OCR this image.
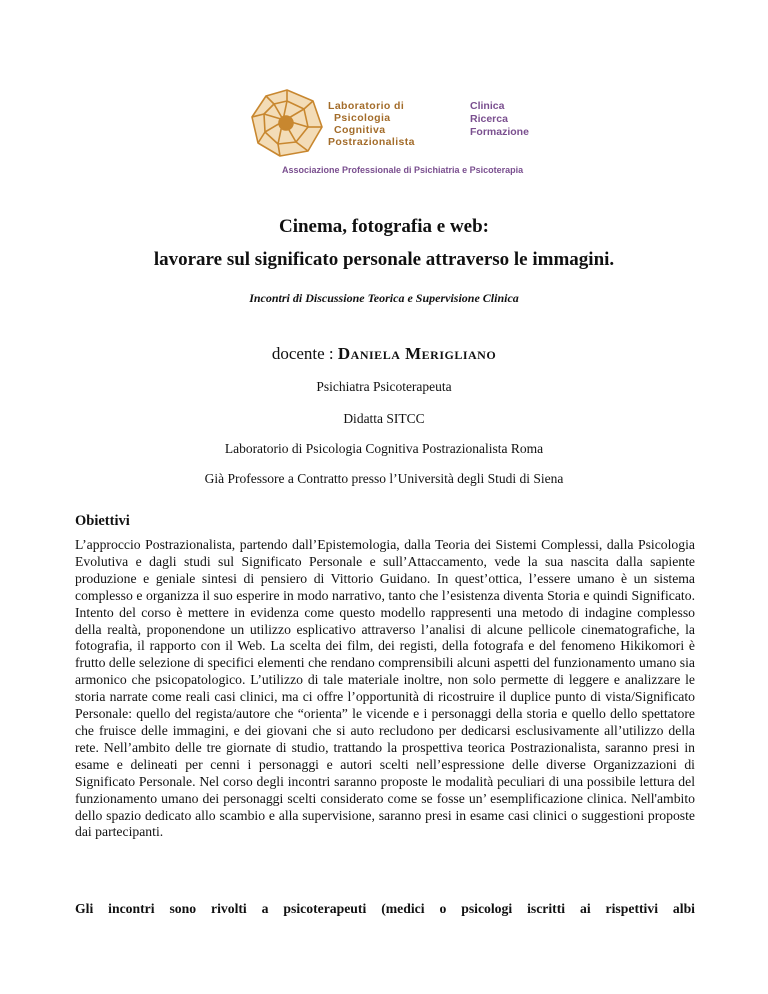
Laboratorio di
Psicologia
Cognitiva
Postrazionalista
Clinica
Ricerca
Formazione
Associazione Professionale di Psichiatria e Psicoterapia
Cinema, fotografia e web:
lavorare sul significato personale attraverso le immagini.
Incontri di Discussione Teorica e Supervisione Clinica
docente : Daniela Merigliano
Psichiatra Psicoterapeuta
Didatta SITCC
Laboratorio di Psicologia Cognitiva Postrazionalista Roma
Già Professore a Contratto presso l’Università degli Studi di Siena
Obiettivi
L’approccio Postrazionalista, partendo dall’Epistemologia, dalla Teoria dei Sistemi Complessi, dalla Psicologia Evolutiva e dagli studi sul Significato Personale e sull’Attaccamento, vede la sua nascita dalla sapiente produzione e geniale sintesi di pensiero di Vittorio Guidano. In quest’ottica, l’essere umano è un sistema complesso e organizza il suo esperire in modo narrativo, tanto che l’esistenza diventa Storia e quindi Significato. Intento del corso è mettere in evidenza come questo modello rappresenti una metodo di indagine complesso della realtà, proponendone un utilizzo esplicativo attraverso l’analisi di alcune pellicole cinematografiche, la fotografia, il rapporto con il Web. La scelta dei film, dei registi, della fotografa e del fenomeno Hikikomori è frutto delle selezione di specifici elementi che rendano comprensibili alcuni aspetti del funzionamento umano sia armonico che psicopatologico. L’utilizzo di tale materiale inoltre, non solo permette di leggere e analizzare le storia narrate come reali casi clinici, ma ci offre l’opportunità di ricostruire il duplice punto di vista/Significato Personale: quello del regista/autore che “orienta” le vicende e i personaggi della storia e quello dello spettatore che fruisce delle immagini, e dei giovani che si auto recludono per dedicarsi esclusivamente all’utilizzo della rete. Nell’ambito delle tre giornate di studio, trattando la prospettiva teorica Postrazionalista, saranno presi in esame e delineati per cenni i personaggi e autori scelti nell’espressione delle diverse Organizzazioni di Significato Personale. Nel corso degli incontri saranno proposte le modalità peculiari di una possibile lettura del funzionamento umano dei personaggi scelti considerato come se fosse un’ esemplificazione clinica. Nell'ambito dello spazio dedicato allo scambio e alla supervisione, saranno presi in esame casi clinici o suggestioni proposte dai partecipanti.
Gli incontri sono rivolti a psicoterapeuti (medici o psicologi iscritti ai rispettivi albi
